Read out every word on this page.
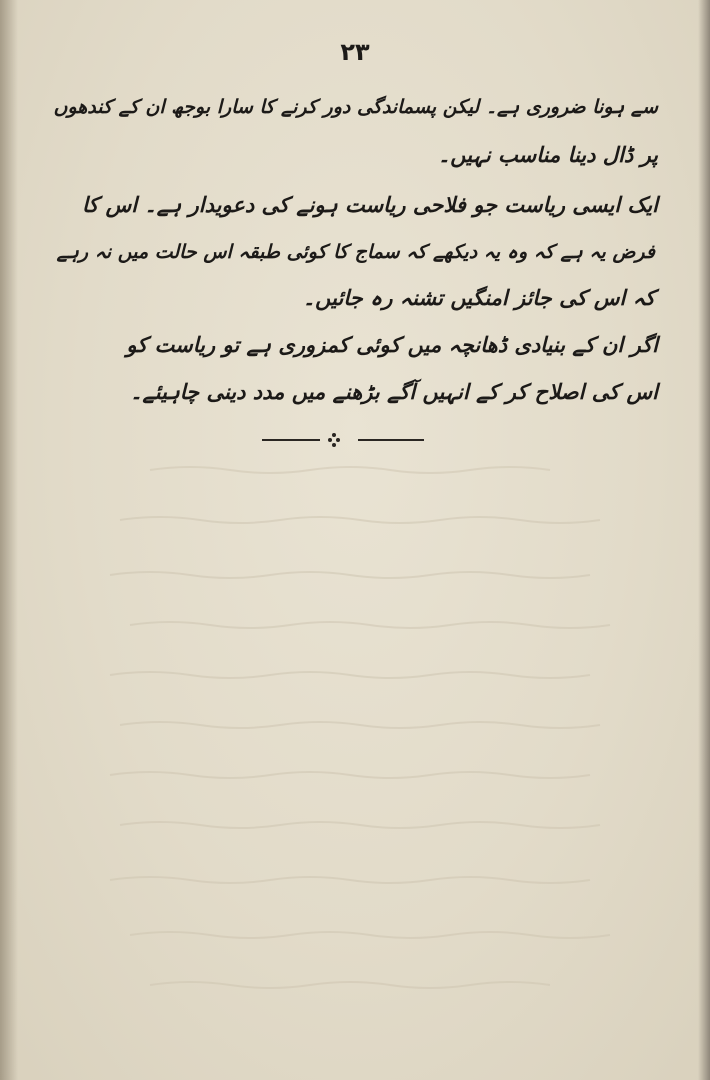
۲۳
سے ہونا ضروری ہے۔ لیکن پسماندگی دور کرنے کا سارا بوجھ ان کے کندھوں
پر ڈال دینا مناسب نہیں۔
ایک ایسی ریاست جو فلاحی ریاست ہونے کی دعویدار ہے۔ اس کا
فرض یہ ہے کہ وہ یہ دیکھے کہ سماج کا کوئی طبقہ اس حالت میں نہ رہے
کہ اس کی جائز امنگیں تشنہ رہ جائیں۔
اگر ان کے بنیادی ڈھانچہ میں کوئی کمزوری ہے تو ریاست کو
اس کی اصلاح کر کے انہیں آگے بڑھنے میں مدد دینی چاہیئے۔
